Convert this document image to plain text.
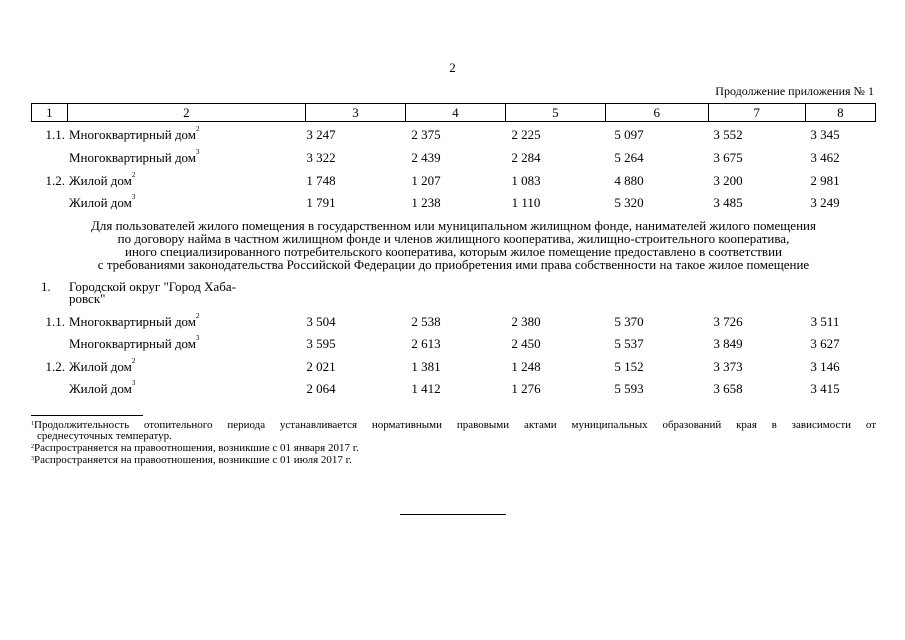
2
Продолжение приложения № 1
1	2	3	4	5	6	7	8
1.1. Многоквартирный дом$^2$	3 247	2 375	2 225	5 097	3 552	3 345
Многоквартирный дом$^3$	3 322	2 439	2 284	5 264	3 675	3 462
1.2. Жилой дом$^2$	1 748	1 207	1 083	4 880	3 200	2 981
Жилой дом$^3$	1 791	1 238	1 110	5 320	3 485	3 249
Для пользователей жилого помещения в государственном или муниципальном жилищном фонде, нанимателей жилого помещения
по договору найма в частном жилищном фонде и членов жилищного кооператива, жилищно-строительного кооператива,
иного специализированного потребительского кооператива, которым жилое помещение предоставлено в соответствии
с требованиями законодательства Российской Федерации до приобретения ими права собственности на такое жилое помещение
1. Городской округ "Город Хаба-
ровск"
1.1. Многоквартирный дом$^2$	3 504	2 538	2 380	5 370	3 726	3 511
Многоквартирный дом$^3$	3 595	2 613	2 450	5 537	3 849	3 627
1.2. Жилой дом$^2$	2 021	1 381	1 248	5 152	3 373	3 146
Жилой дом$^3$	2 064	1 412	1 276	5 593	3 658	3 415
$^1$Продолжительность отопительного периода устанавливается нормативными правовыми актами муниципальных образований края в зависимости от
среднесуточных температур.
$^2$Распространяется на правоотношения, возникшие с 01 января 2017 г.
$^3$Распространяется на правоотношения, возникшие с 01 июля 2017 г.
